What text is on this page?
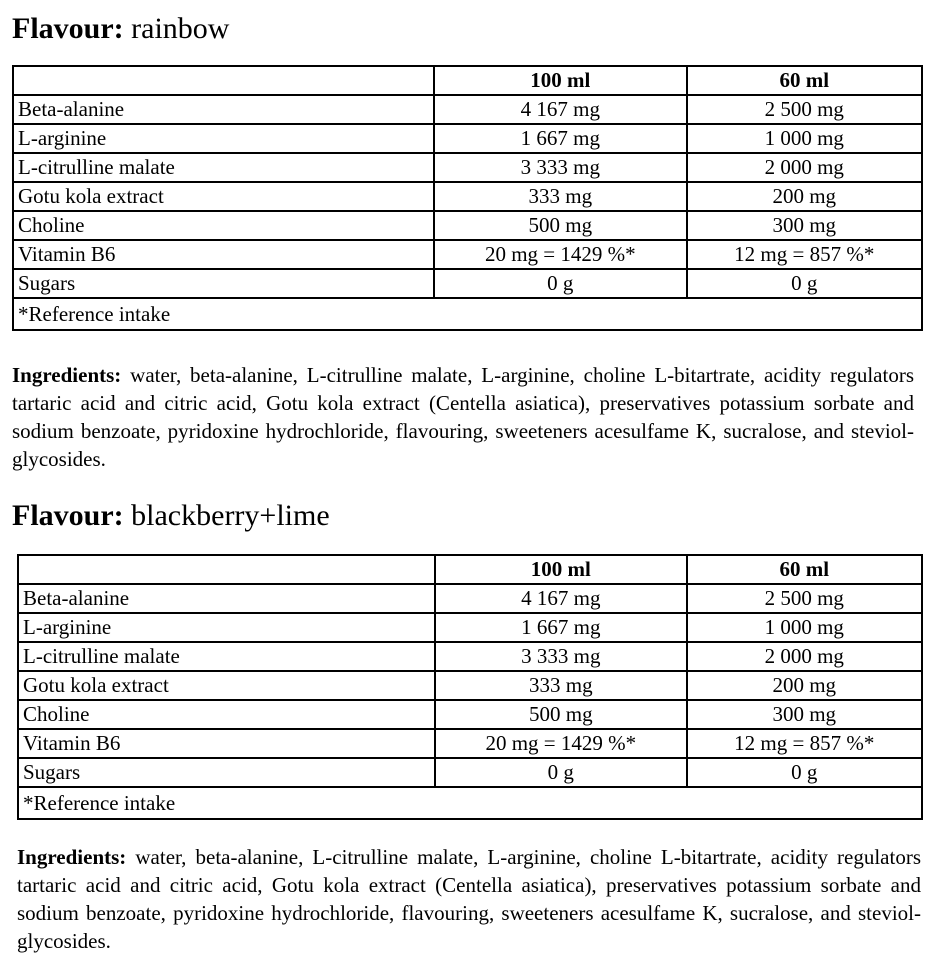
Flavour: rainbow
	100 ml	60 ml
Beta-alanine	4 167 mg	2 500 mg
L-arginine	1 667 mg	1 000 mg
L-citrulline malate	3 333 mg	2 000 mg
Gotu kola extract	333 mg	200 mg
Choline	500 mg	300 mg
Vitamin B6	20 mg = 1429 %*	12 mg = 857 %*
Sugars	0 g	0 g
*Reference intake		

Ingredients: water, beta-alanine, L-citrulline malate, L-arginine, choline L-bitartrate, acidity regulators tartaric acid and citric acid, Gotu kola extract (Centella asiatica), preservatives potassium sorbate and sodium benzoate, pyridoxine hydrochloride, flavouring, sweeteners acesulfame K, sucralose, and steviol-glycosides.

Flavour: blackberry+lime
	100 ml	60 ml
Beta-alanine	4 167 mg	2 500 mg
L-arginine	1 667 mg	1 000 mg
L-citrulline malate	3 333 mg	2 000 mg
Gotu kola extract	333 mg	200 mg
Choline	500 mg	300 mg
Vitamin B6	20 mg = 1429 %*	12 mg = 857 %*
Sugars	0 g	0 g
*Reference intake		

Ingredients: water, beta-alanine, L-citrulline malate, L-arginine, choline L-bitartrate, acidity regulators tartaric acid and citric acid, Gotu kola extract (Centella asiatica), preservatives potassium sorbate and sodium benzoate, pyridoxine hydrochloride, flavouring, sweeteners acesulfame K, sucralose, and steviol-glycosides.
